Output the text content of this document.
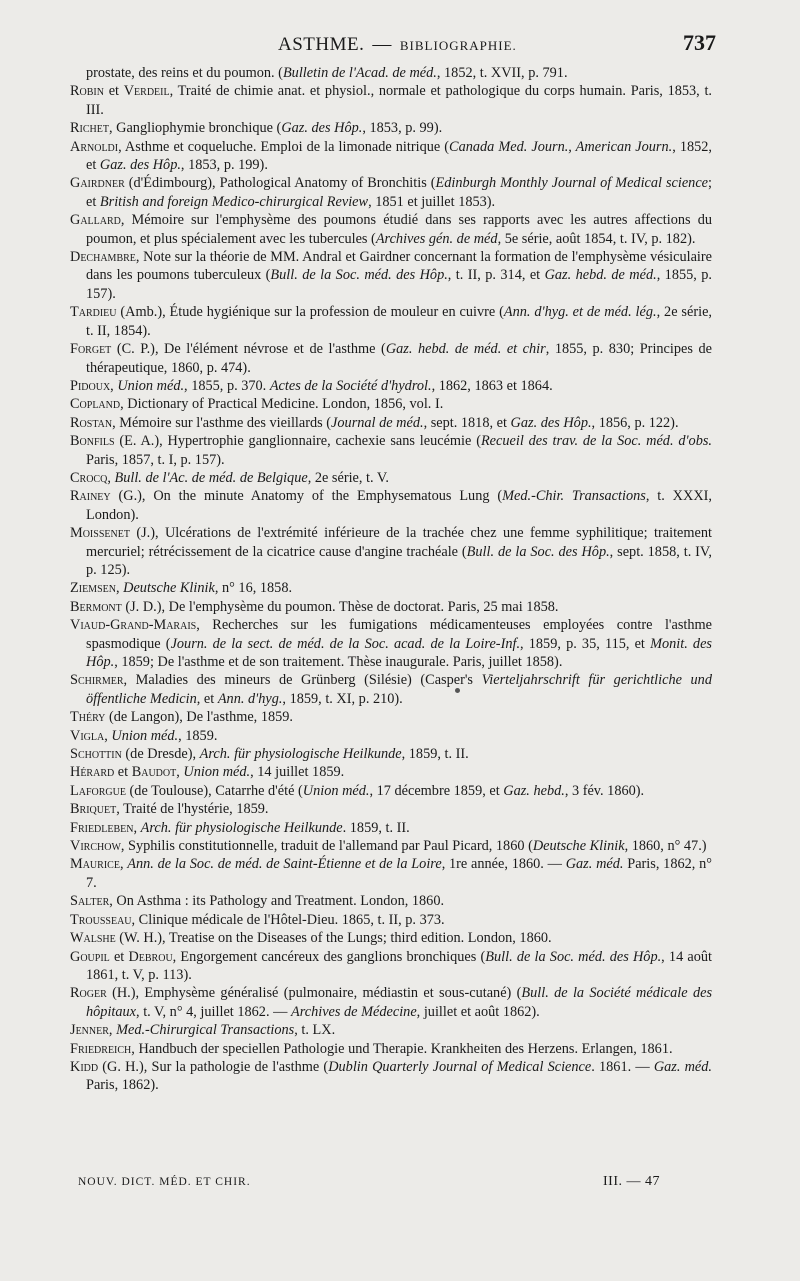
ASTHME. — BIBLIOGRAPHIE.	737

prostate, des reins et du poumon. (Bulletin de l'Acad. de méd., 1852, t. XVII, p. 791.

Robin et Verdeil, Traité de chimie anat. et physiol., normale et pathologique du corps humain. Paris, 1853, t. III.

Richet, Gangliophymie bronchique (Gaz. des Hôp., 1853, p. 99).

Arnoldi, Asthme et coqueluche. Emploi de la limonade nitrique (Canada Med. Journ., American Journ., 1852, et Gaz. des Hôp., 1853, p. 199).

Gairdner (d'Édimbourg), Pathological Anatomy of Bronchitis (Edinburgh Monthly Journal of Medical science; et British and foreign Medico-chirurgical Review, 1851 et juillet 1853).

Gallard, Mémoire sur l'emphysème des poumons étudié dans ses rapports avec les autres affections du poumon, et plus spécialement avec les tubercules (Archives gén. de méd, 5e série, août 1854, t. IV, p. 182).

Dechambre, Note sur la théorie de MM. Andral et Gairdner concernant la formation de l'emphysème vésiculaire dans les poumons tuberculeux (Bull. de la Soc. méd. des Hôp., t. II, p. 314, et Gaz. hebd. de méd., 1855, p. 157).

Tardieu (Amb.), Étude hygiénique sur la profession de mouleur en cuivre (Ann. d'hyg. et de méd. lég., 2e série, t. II, 1854).

Forget (C. P.), De l'élément névrose et de l'asthme (Gaz. hebd. de méd. et chir, 1855, p. 830; Principes de thérapeutique, 1860, p. 474).

Pidoux, Union méd., 1855, p. 370. Actes de la Société d'hydrol., 1862, 1863 et 1864.

Copland, Dictionary of Practical Medicine. London, 1856, vol. I.

Rostan, Mémoire sur l'asthme des vieillards (Journal de méd., sept. 1818, et Gaz. des Hôp., 1856, p. 122).

Bonfils (E. A.), Hypertrophie ganglionnaire, cachexie sans leucémie (Recueil des trav. de la Soc. méd. d'obs. Paris, 1857, t. I, p. 157).

Crocq, Bull. de l'Ac. de méd. de Belgique, 2e série, t. V.

Rainey (G.), On the minute Anatomy of the Emphysematous Lung (Med.-Chir. Transactions, t. XXXI, London).

Moissenet (J.), Ulcérations de l'extrémité inférieure de la trachée chez une femme syphilitique; traitement mercuriel; rétrécissement de la cicatrice cause d'angine trachéale (Bull. de la Soc. des Hôp., sept. 1858, t. IV, p. 125).

Ziemsen, Deutsche Klinik, n° 16, 1858.

Bermont (J. D.), De l'emphysème du poumon. Thèse de doctorat. Paris, 25 mai 1858.

Viaud-Grand-Marais, Recherches sur les fumigations médicamenteuses employées contre l'asthme spasmodique (Journ. de la sect. de méd. de la Soc. acad. de la Loire-Inf., 1859, p. 35, 115, et Monit. des Hôp., 1859; De l'asthme et de son traitement. Thèse inaugurale. Paris, juillet 1858).

Schirmer, Maladies des mineurs de Grünberg (Silésie) (Casper's Vierteljahrschrift für gerichtliche und öffentliche Medicin, et Ann. d'hyg., 1859, t. XI, p. 210).

Théry (de Langon), De l'asthme, 1859.

Vigla, Union méd., 1859.

Schottin (de Dresde), Arch. für physiologische Heilkunde, 1859, t. II.

Hérard et Baudot, Union méd., 14 juillet 1859.

Laforgue (de Toulouse), Catarrhe d'été (Union méd., 17 décembre 1859, et Gaz. hebd., 3 fév. 1860).

Briquet, Traité de l'hystérie, 1859.

Friedleben, Arch. für physiologische Heilkunde. 1859, t. II.

Virchow, Syphilis constitutionnelle, traduit de l'allemand par Paul Picard, 1860 (Deutsche Klinik, 1860, n° 47.)

Maurice, Ann. de la Soc. de méd. de Saint-Étienne et de la Loire, 1re année, 1860. — Gaz. méd. Paris, 1862, n° 7.

Salter, On Asthma : its Pathology and Treatment. London, 1860.

Trousseau, Clinique médicale de l'Hôtel-Dieu. 1865, t. II, p. 373.

Walshe (W. H.), Treatise on the Diseases of the Lungs; third edition. London, 1860.

Goupil et Debrou, Engorgement cancéreux des ganglions bronchiques (Bull. de la Soc. méd. des Hôp., 14 août 1861, t. V, p. 113).

Roger (H.), Emphysème généralisé (pulmonaire, médiastin et sous-cutané) (Bull. de la Société médicale des hôpitaux, t. V, n° 4, juillet 1862. — Archives de Médecine, juillet et août 1862).

Jenner, Med.-Chirurgical Transactions, t. LX.

Friedreich, Handbuch der speciellen Pathologie und Therapie. Krankheiten des Herzens. Erlangen, 1861.

Kidd (G. H.), Sur la pathologie de l'asthme (Dublin Quarterly Journal of Medical Science. 1861. — Gaz. méd. Paris, 1862).

NOUV. DICT. MÉD. ET CHIR.	III. — 47
